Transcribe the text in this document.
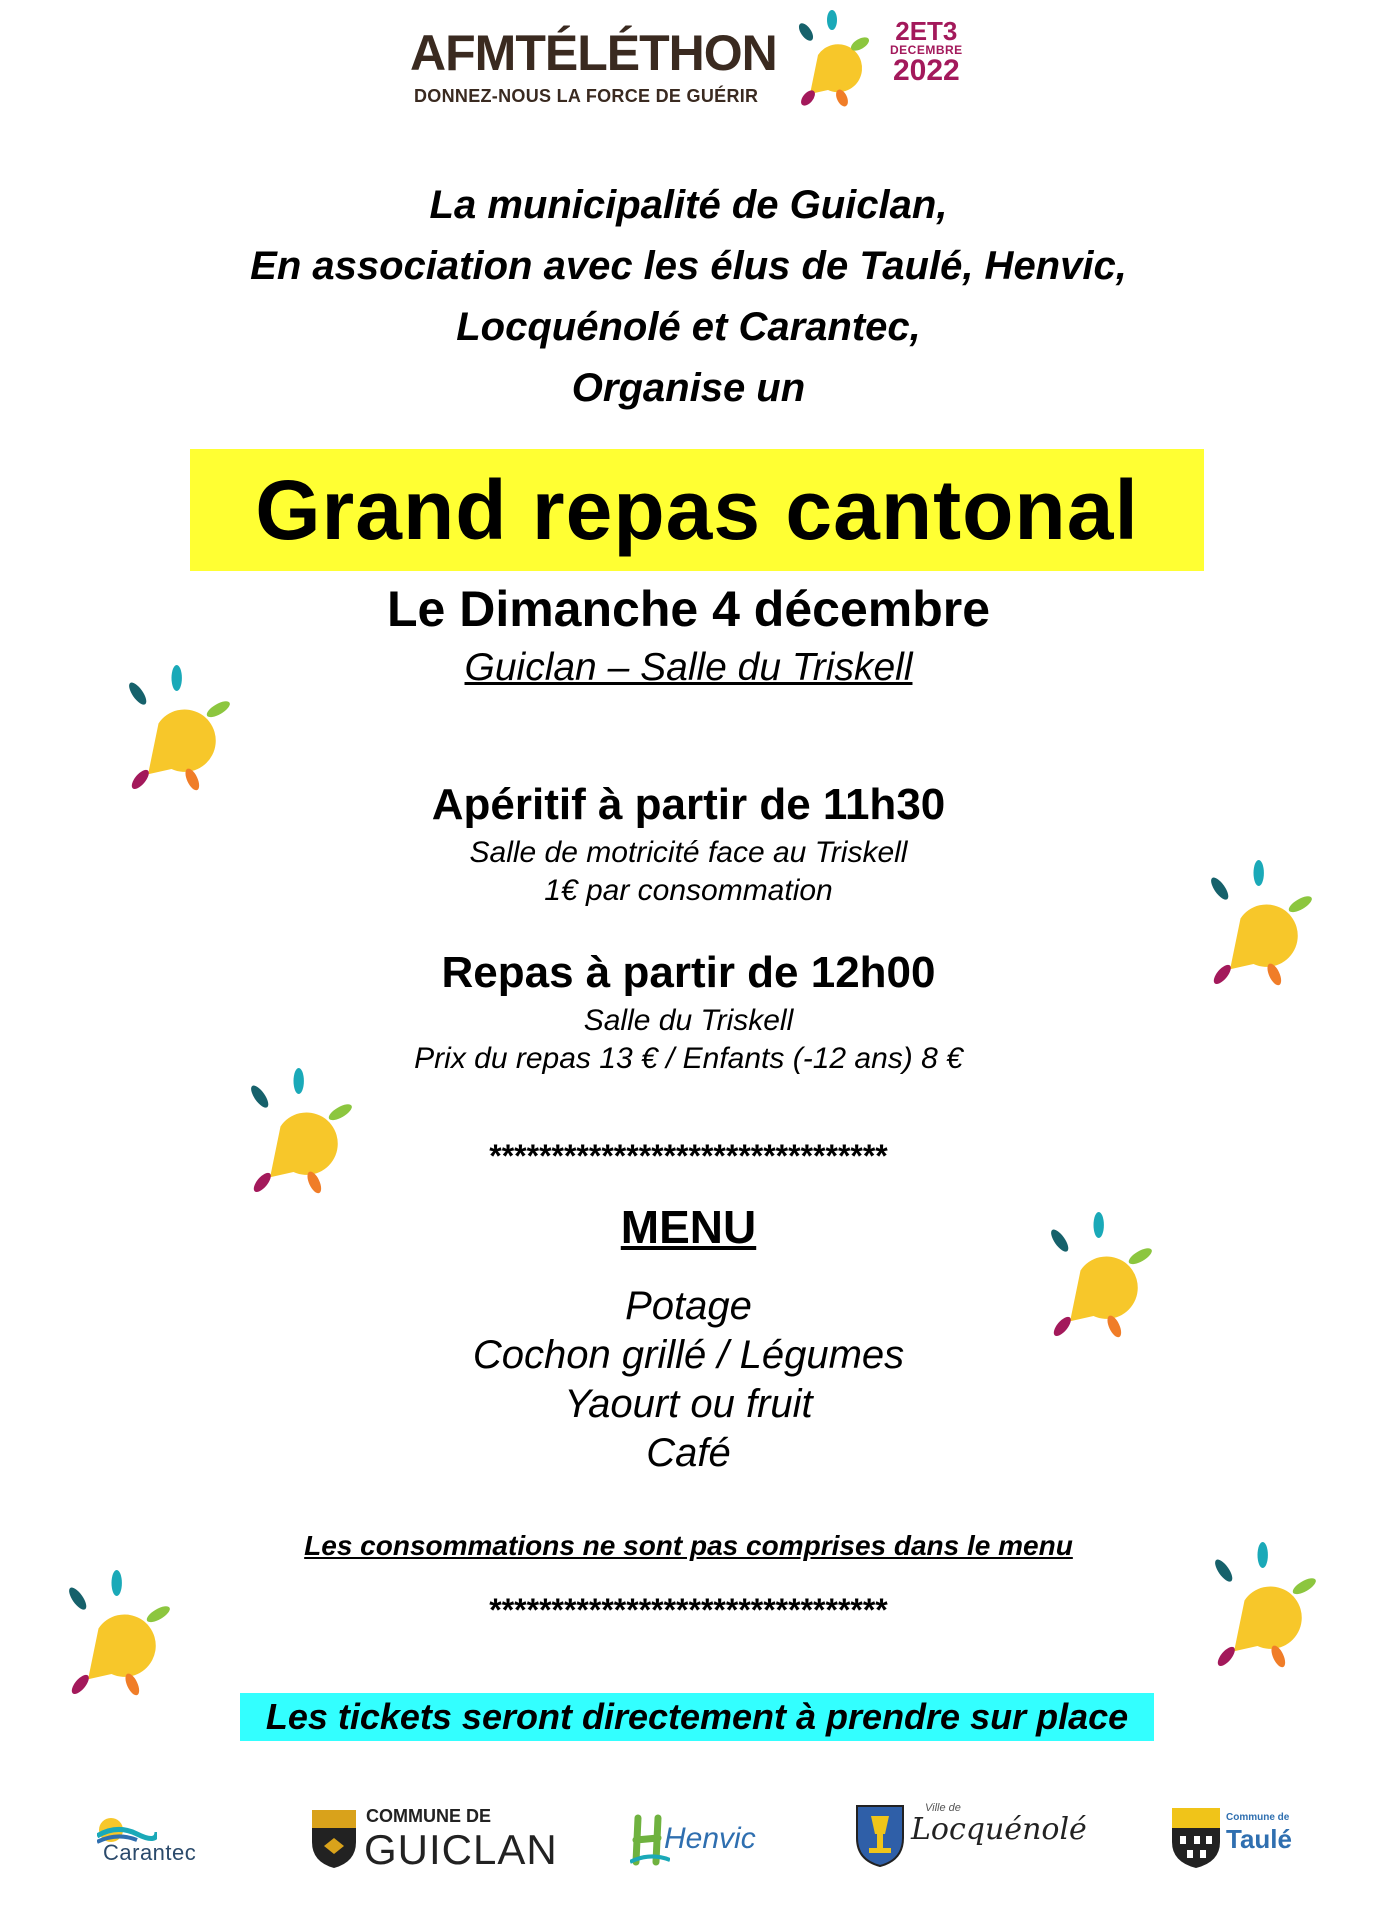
AFMTÉLÉTHON
DONNEZ-NOUS LA FORCE DE GUÉRIR
2ET3
DECEMBRE
2022
La municipalité de Guiclan,
En association avec les élus de Taulé, Henvic,
Locquénolé et Carantec,
Organise un
Grand repas cantonal
Le Dimanche 4 décembre
Guiclan – Salle du Triskell
Apéritif à partir de 11h30
Salle de motricité face au Triskell
1€ par consommation
Repas à partir de 12h00
Salle du Triskell
Prix du repas 13 € / Enfants (-12 ans) 8 €
********************************
MENU
Potage
Cochon grillé / Légumes
Yaourt ou fruit
Café
Les consommations ne sont pas comprises dans le menu
********************************
Les tickets seront directement à prendre sur place
Carantec
COMMUNE DE
GUICLAN	Henvic
Ville de
Locquénolé	Commune de
Taulé
